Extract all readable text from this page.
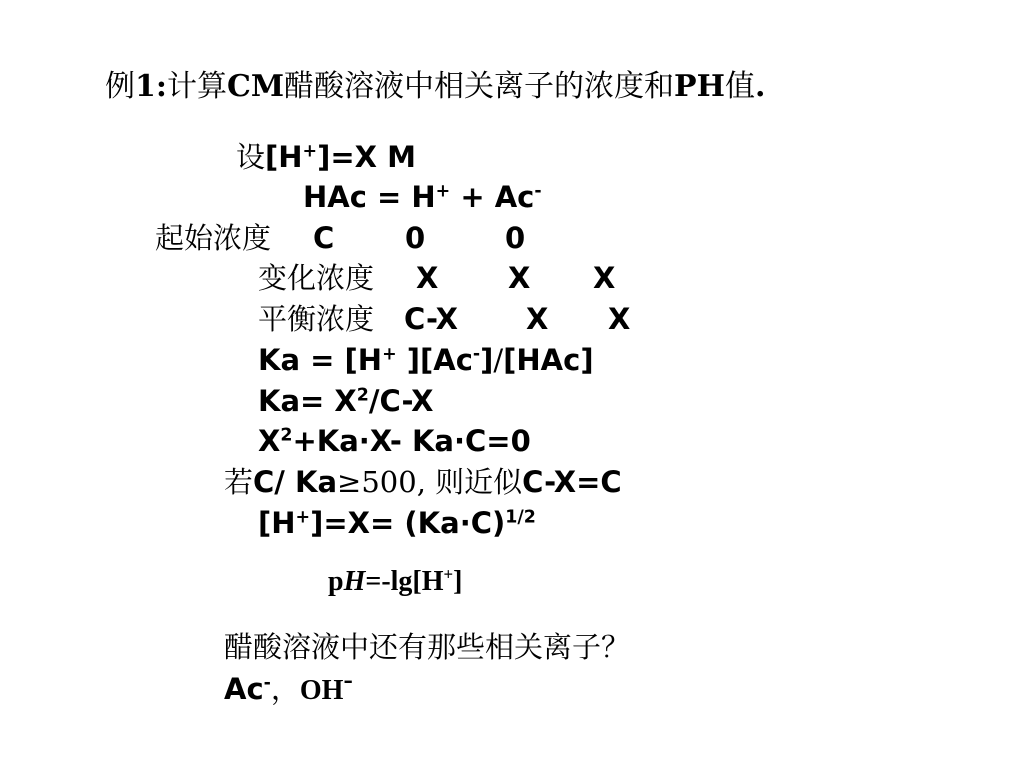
例1:计算CM醋酸溶液中相关离子的浓度和PH值.
设[H+]=X M
HAc = H+ + Ac-
起始浓度 C 0	0
变化浓度 X X X
平衡浓度 C-X X X
Ka = [H+ ][Ac-]/[HAc]
$Ka= X^2/C-X$
$X^2+Ka\cdot X-$ Ka·C=0
若C/ Ka≥500, 则近似C-X=C
$[H^+]=X= (Ka\cdot C)^{1/2}$
pH=-lg[H+]
醋酸溶液中还有那些相关离子？
Ac-，OH-
